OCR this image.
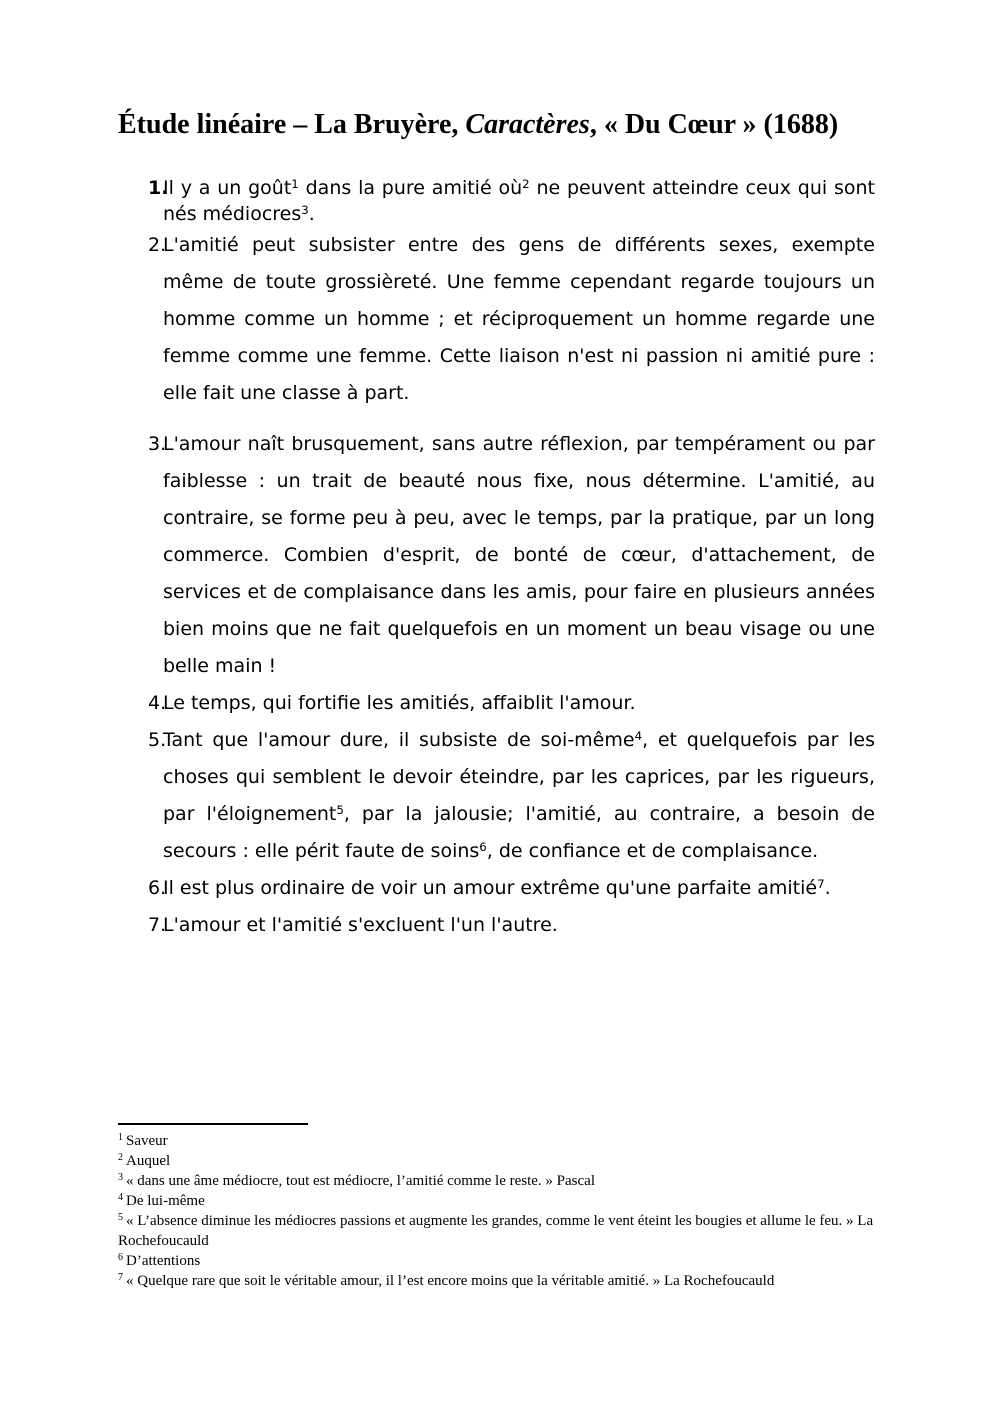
Étude linéaire – La Bruyère, Caractères, « Du Cœur » (1688)
1.
Il y a un goût$^1$ dans la pure amitié $où^2$ ne peuvent atteindre ceux qui sont nés médiocres$^3$.
2.
L'amitié peut subsister entre des gens de différents sexes, exempte même de toute grossièreté. Une femme cependant regarde toujours un homme comme un homme ; et réciproquement un homme regarde une femme comme une femme. Cette liaison n'est ni passion ni amitié pure : elle fait une classe à part.
3.
L'amour naît brusquement, sans autre réflexion, par tempérament ou par faiblesse : un trait de beauté nous fixe, nous détermine. L'amitié, au contraire, se forme peu à peu, avec le temps, par la pratique, par un long commerce. Combien d'esprit, de bonté de cœur, d'attachement, de services et de complaisance dans les amis, pour faire en plusieurs années bien moins que ne fait quelquefois en un moment un beau visage ou une belle main !
4.
Le temps, qui fortifie les amitiés, affaiblit l'amour.
5.
Tant que l'amour dure, il subsiste de soi-même$^4$, et quelquefois par les choses qui semblent le devoir éteindre, par les caprices, par les rigueurs, par l'éloignement$^5$, par la jalousie; l'amitié, au contraire, a besoin de secours : elle périt faute de soins$^6$, de confiance et de complaisance.
6.
Il est plus ordinaire de voir un amour extrême qu'une parfaite amitié$^7$.
7.
L'amour et l'amitié s'excluent l'un l'autre.
$^1$ Saveur
$^2$ Auquel
$^3$ « dans une âme médiocre, tout est médiocre, l’amitié comme le reste. » Pascal
$^4$ De lui-même
$^5$ « L’absence diminue les médiocres passions et augmente les grandes, comme le vent éteint les bougies et allume le feu. » La Rochefoucauld
$^6$ D’attentions
$^7$ « Quelque rare que soit le véritable amour, il l’est encore moins que la véritable amitié. » La Rochefoucauld
